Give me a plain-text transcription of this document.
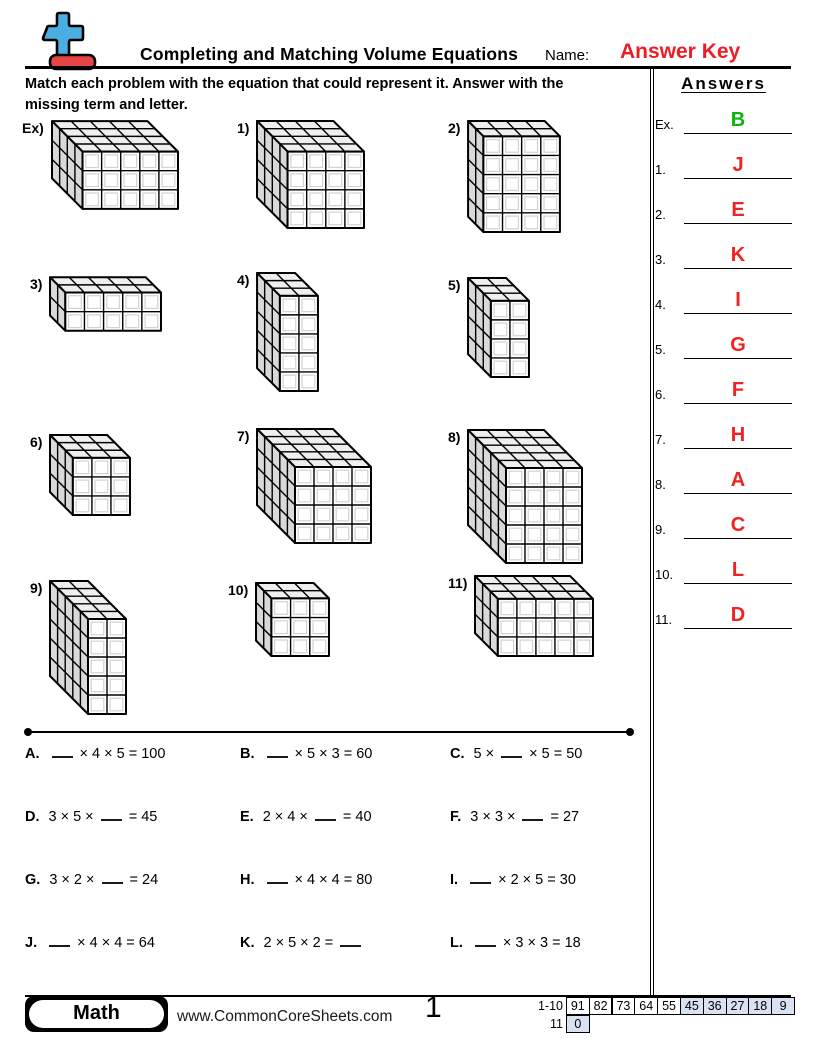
Completing and Matching Volume Equations Name: Answer Key
Match each problem with the equation that could represent it. Answer with the missing term and letter.
Answers
Ex.	B
1.	J
2.	E
3.	K
4.	I
5.	G
6.	F
7.	H
8.	A
9.	C
10.	L
11.	D
Ex)	1)	2)
3)	4)	5)
6)	7)	8)
9)	10)	11)
A. × 4 × 5 = 100	B. × 5 × 3 = 60	C. 5 ×  × 5 = 50
D. 3 × 5 ×  = 45	E. 2 × 4 ×  = 40	F. 3 × 3 ×  = 27
G. 3 × 2 ×  = 24	H. × 4 × 4 = 80	I. × 2 × 5 = 30
J. × 4 × 4 = 64	K. 2 × 5 × 2 =	L. × 3 × 3 = 18
Math	www.CommonCoreSheets.com 1	1-10 91 82 73 64 55 45 36 27 18 9
11 0
